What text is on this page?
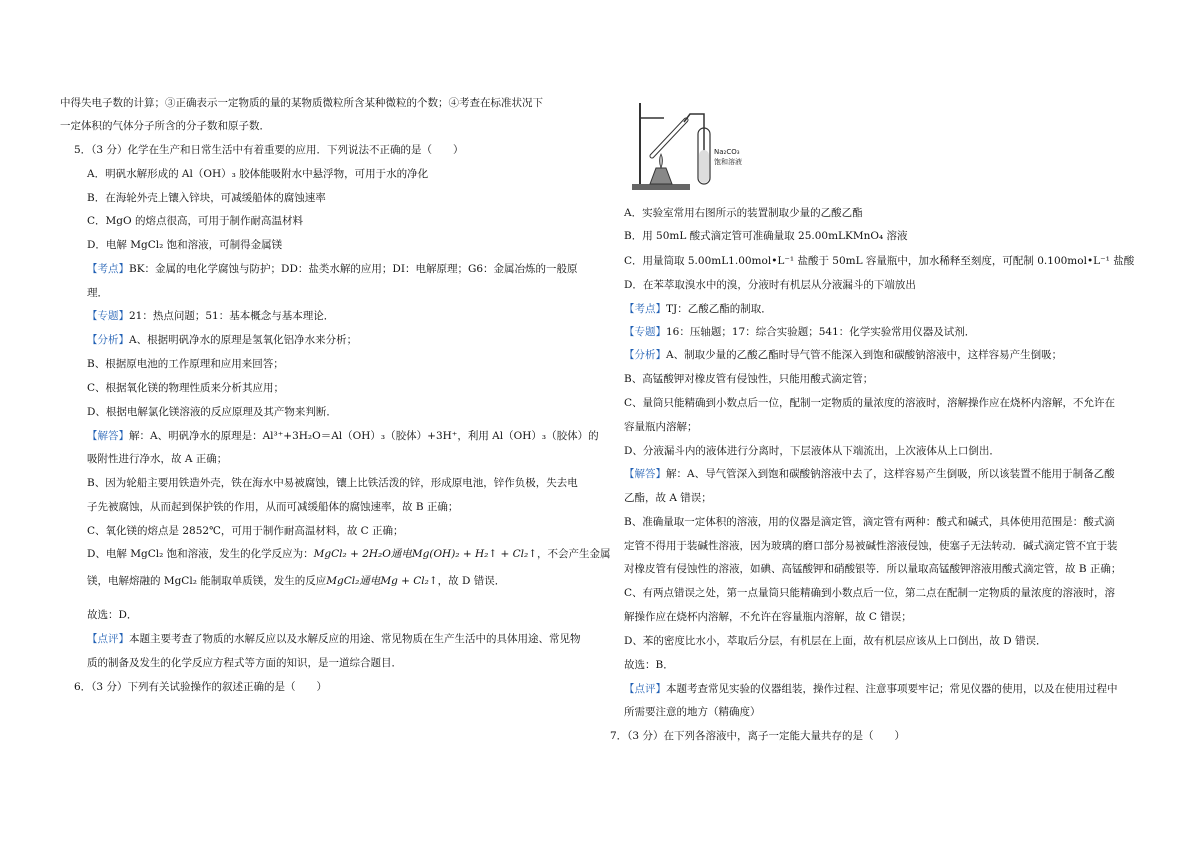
中得失电子数的计算；③正确表示一定物质的量的某物质微粒所含某种微粒的个数；④考查在标准状况下
一定体积的气体分子所含的分子数和原子数．
5．（3 分）化学在生产和日常生活中有着重要的应用．下列说法不正确的是（　　）
A．明矾水解形成的 Al（OH）₃ 胶体能吸附水中悬浮物，可用于水的净化
B．在海轮外壳上镶入锌块，可减缓船体的腐蚀速率
C．MgO 的熔点很高，可用于制作耐高温材料
D．电解 MgCl₂ 饱和溶液，可制得金属镁
【考点】BK：金属的电化学腐蚀与防护；DD：盐类水解的应用；DI：电解原理；G6：金属冶炼的一般原
理．
【专题】21：热点问题；51：基本概念与基本理论．
【分析】A、根据明矾净水的原理是氢氧化铝净水来分析；
B、根据原电池的工作原理和应用来回答；
C、根据氧化镁的物理性质来分析其应用；
D、根据电解氯化镁溶液的反应原理及其产物来判断．
【解答】解：A、明矾净水的原理是：Al³⁺+3H₂O＝Al（OH）₃（胶体）+3H⁺，利用 Al（OH）₃（胶体）的
吸附性进行净水，故 A 正确；
B、因为轮船主要用铁造外壳，铁在海水中易被腐蚀，镶上比铁活泼的锌，形成原电池，锌作负极，失去电
子先被腐蚀，从而起到保护铁的作用，从而可减缓船体的腐蚀速率，故 B 正确；
C、氧化镁的熔点是 2852℃，可用于制作耐高温材料，故 C 正确；
D、电解 MgCl₂ 饱和溶液，发生的化学反应为：MgCl₂ + 2H₂O通电Mg(OH)₂ + H₂↑ + Cl₂↑，不会产生金属
镁，电解熔融的 MgCl₂ 能制取单质镁，发生的反应MgCl₂通电Mg + Cl₂↑，故 D 错误．
故选：D．
【点评】本题主要考查了物质的水解反应以及水解反应的用途、常见物质在生产生活中的具体用途、常见物
质的制备及发生的化学反应方程式等方面的知识，是一道综合题目．
6．（3 分）下列有关试验操作的叙述正确的是（　　）
Na₂CO₃
饱和溶液
A．实验室常用右图所示的装置制取少量的乙酸乙酯
B．用 50mL 酸式滴定管可准确量取 25.00mLKMnO₄ 溶液
C．用量筒取 5.00mL1.00mol•L⁻¹ 盐酸于 50mL 容量瓶中，加水稀释至刻度，可配制 0.100mol•L⁻¹ 盐酸
D．在苯萃取溴水中的溴，分液时有机层从分液漏斗的下端放出
【考点】TJ：乙酸乙酯的制取．
【专题】16：压轴题；17：综合实验题；541：化学实验常用仪器及试剂．
【分析】A、制取少量的乙酸乙酯时导气管不能深入到饱和碳酸钠溶液中，这样容易产生倒吸；
B、高锰酸钾对橡皮管有侵蚀性，只能用酸式滴定管；
C、量筒只能精确到小数点后一位，配制一定物质的量浓度的溶液时，溶解操作应在烧杯内溶解，不允许在
容量瓶内溶解；
D、分液漏斗内的液体进行分离时，下层液体从下端流出，上次液体从上口倒出．
【解答】解：A、导气管深入到饱和碳酸钠溶液中去了，这样容易产生倒吸，所以该装置不能用于制备乙酸
乙酯，故 A 错误；
B、准确量取一定体积的溶液，用的仪器是滴定管，滴定管有两种：酸式和碱式，具体使用范围是：酸式滴
定管不得用于装碱性溶液，因为玻璃的磨口部分易被碱性溶液侵蚀，使塞子无法转动．碱式滴定管不宜于装
对橡皮管有侵蚀性的溶液，如碘、高锰酸钾和硝酸银等．所以量取高锰酸钾溶液用酸式滴定管，故 B 正确；
C、有两点错误之处，第一点量筒只能精确到小数点后一位，第二点在配制一定物质的量浓度的溶液时，溶
解操作应在烧杯内溶解，不允许在容量瓶内溶解，故 C 错误；
D、苯的密度比水小，萃取后分层，有机层在上面，故有机层应该从上口倒出，故 D 错误．
故选：B．
【点评】本题考查常见实验的仪器组装，操作过程、注意事项要牢记；常见仪器的使用，以及在使用过程中
所需要注意的地方（精确度）
7．（3 分）在下列各溶液中，离子一定能大量共存的是（　　）
